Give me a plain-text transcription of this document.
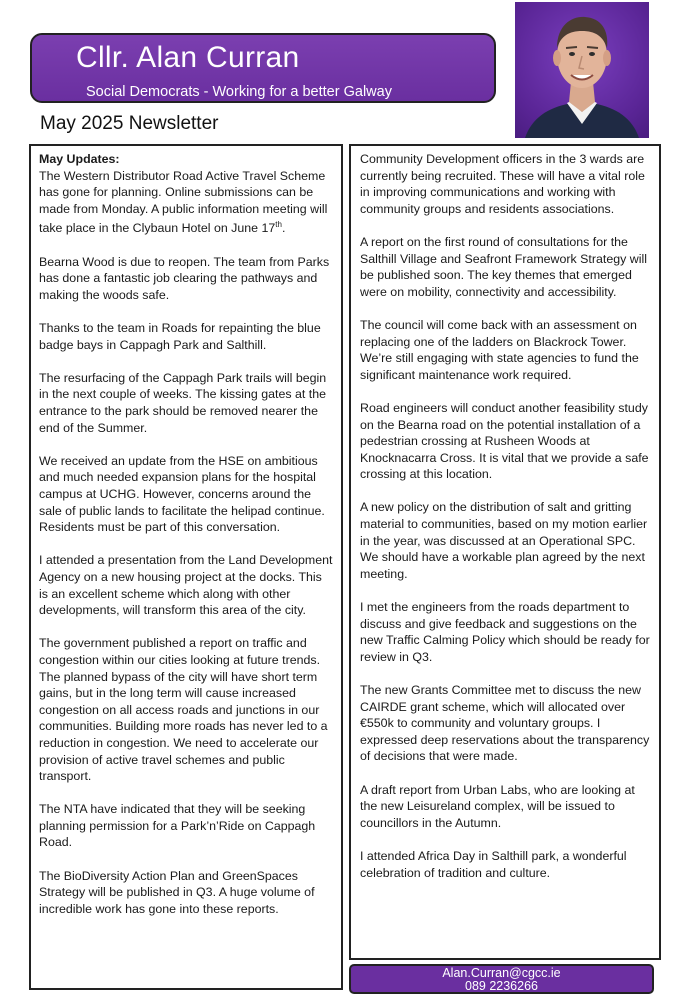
Cllr. Alan Curran
Social Democrats - Working for a better Galway
May 2025 Newsletter

May Updates:

The Western Distributor Road Active Travel Scheme has gone for planning. Online submissions can be made from Monday. A public information meeting will take place in the Clybaun Hotel on June 17th.

Bearna Wood is due to reopen. The team from Parks has done a fantastic job clearing the pathways and making the woods safe.

Thanks to the team in Roads for repainting the blue badge bays in Cappagh Park and Salthill.

The resurfacing of the Cappagh Park trails will begin in the next couple of weeks. The kissing gates at the entrance to the park should be removed nearer the end of the Summer.

We received an update from the HSE on ambitious and much needed expansion plans for the hospital campus at UCHG. However, concerns around the sale of public lands to facilitate the helipad continue. Residents must be part of this conversation.

I attended a presentation from the Land Development Agency on a new housing project at the docks. This is an excellent scheme which along with other developments, will transform this area of the city.

The government published a report on traffic and congestion within our cities looking at future trends. The planned bypass of the city will have short term gains, but in the long term will cause increased congestion on all access roads and junctions in our communities. Building more roads has never led to a reduction in congestion. We need to accelerate our provision of active travel schemes and public transport.

The NTA have indicated that they will be seeking planning permission for a Park’n’Ride on Cappagh Road.

The BioDiversity Action Plan and GreenSpaces Strategy will be published in Q3. A huge volume of incredible work has gone into these reports.

Community Development officers in the 3 wards are currently being recruited. These will have a vital role in improving communications and working with community groups and residents associations.

A report on the first round of consultations for the Salthill Village and Seafront Framework Strategy will be published soon. The key themes that emerged were on mobility, connectivity and accessibility.

The council will come back with an assessment on replacing one of the ladders on Blackrock Tower. We’re still engaging with state agencies to fund the significant maintenance work required.

Road engineers will conduct another feasibility study on the Bearna road on the potential installation of a pedestrian crossing at Rusheen Woods at Knocknacarra Cross. It is vital that we provide a safe crossing at this location.

A new policy on the distribution of salt and gritting material to communities, based on my motion earlier in the year, was discussed at an Operational SPC. We should have a workable plan agreed by the next meeting.

I met the engineers from the roads department to discuss and give feedback and suggestions on the new Traffic Calming Policy which should be ready for review in Q3.

The new Grants Committee met to discuss the new CAIRDE grant scheme, which will allocated over €550k to community and voluntary groups. I expressed deep reservations about the transparency of decisions that were made.

A draft report from Urban Labs, who are looking at the new Leisureland complex, will be issued to councillors in the Autumn.

I attended Africa Day in Salthill park, a wonderful celebration of tradition and culture.

Alan.Curran@cgcc.ie
089 2236266
